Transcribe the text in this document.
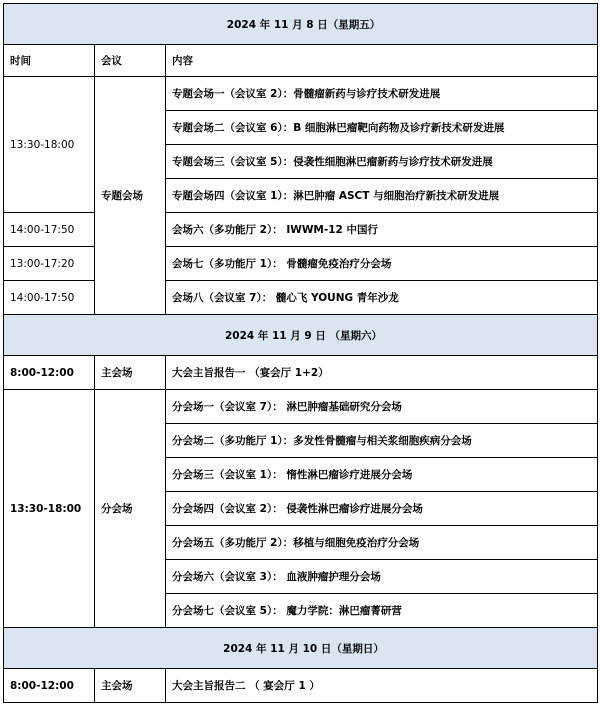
2024 年 11 月 8 日（星期五）		
时间	会议	内容
13:30-18:00	专题会场	专题会场一（会议室 2）：骨髓瘤新药与诊疗技术研发进展
		专题会场二（会议室 6）：B 细胞淋巴瘤靶向药物及诊疗新技术研发进展
		专题会场三（会议室 5）：侵袭性细胞淋巴瘤新药与诊疗技术研发进展
		专题会场四（会议室 1）：淋巴肿瘤 ASCT 与细胞治疗新技术研发进展
14:00-17:50		会场六（多功能厅 2）： IWWM-12 中国行
13:00-17:20		会场七（多功能厅 1）： 骨髓瘤免疫治疗分会场
14:00-17:50		会场八（会议室 7）： 髓心飞 YOUNG 青年沙龙
2024 年 11 月 9 日 （星期六）		
8:00-12:00	主会场	大会主旨报告一 （宴会厅 1+2）
13:30-18:00	分会场	分会场一（会议室 7）： 淋巴肿瘤基础研究分会场
		分会场二（多功能厅 1）：多发性骨髓瘤与相关浆细胞疾病分会场
		分会场三（会议室 1）： 惰性淋巴瘤诊疗进展分会场
		分会场四（会议室 2）： 侵袭性淋巴瘤诊疗进展分会场
		分会场五（多功能厅 2）：移植与细胞免疫治疗分会场
		分会场六（会议室 3）： 血液肿瘤护理分会场
		分会场七（会议室 5）： 魔力学院：淋巴瘤菁研营
2024 年 11 月 10 日（星期日）		
8:00-12:00	主会场	大会主旨报告二 （ 宴会厅 1 ）
